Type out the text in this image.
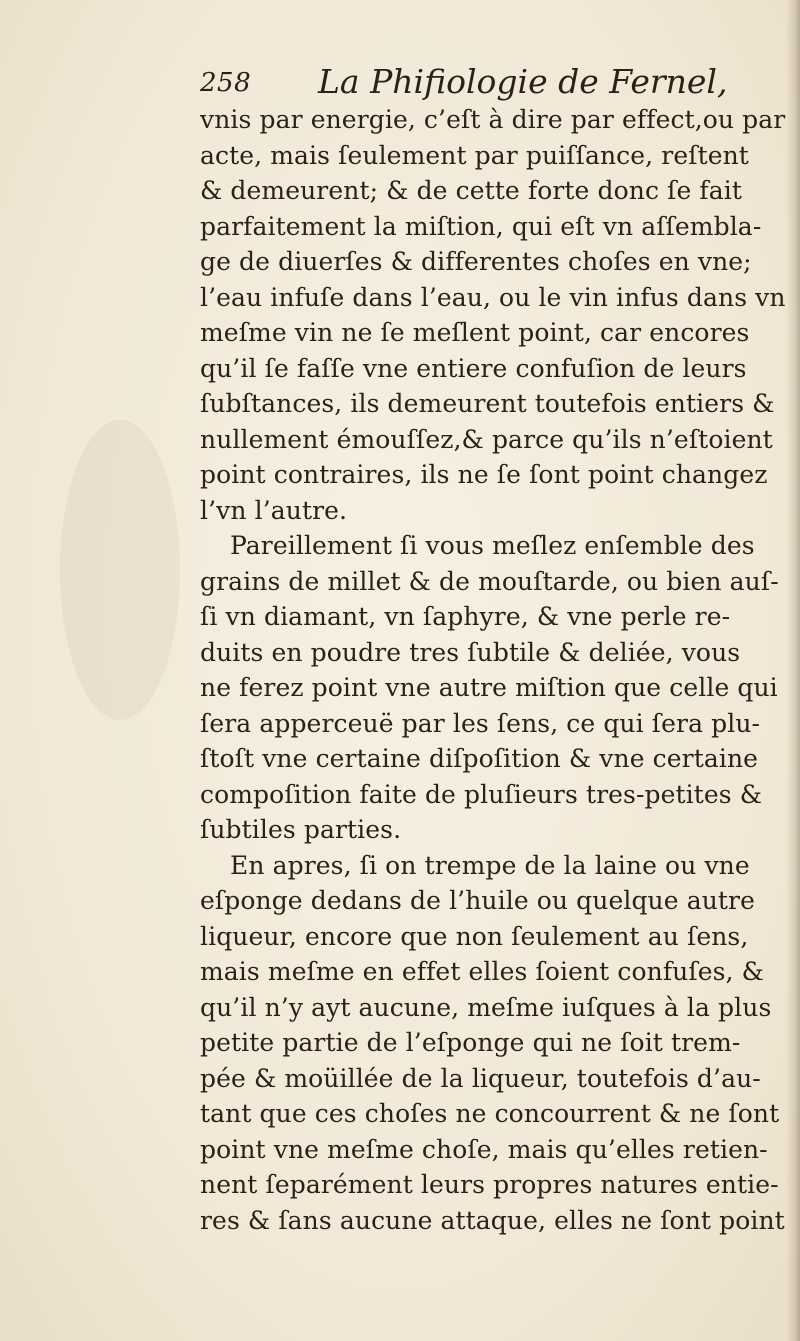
258 La Phifiologie de Fernel,
vnis par energie, c’eſt à dire par effect,ou par
acte, mais ſeulement par puiſſance, reſtent
& demeurent; & de cette forte donc ſe fait
parfaitement la miſtion, qui eſt vn aſſembla-
ge de diuerſes & differentes choſes en vne;
l’eau infuſe dans l’eau, ou le vin infus dans vn
meſme vin ne ſe meſlent point, car encores
qu’il ſe faſſe vne entiere confuſion de leurs
ſubſtances, ils demeurent toutefois entiers &
nullement émouſſez,& parce qu’ils n’eſtoient
point contraires, ils ne ſe ſont point changez
l’vn l’autre.
Pareillement ſi vous meſlez enſemble des
grains de millet & de mouſtarde, ou bien auſ-
ſi vn diamant, vn ſaphyre, & vne perle re-
duits en poudre tres ſubtile & deliée, vous
ne ferez point vne autre miſtion que celle qui
ſera apperceuë par les ſens, ce qui ſera plu-
ſtoſt vne certaine diſpoſition & vne certaine
compoſition faite de pluſieurs tres-petites &
ſubtiles parties.
En apres, ſi on trempe de la laine ou vne
eſponge dedans de l’huile ou quelque autre
liqueur, encore que non ſeulement au ſens,
mais meſme en effet elles ſoient confuſes, &
qu’il n’y ayt aucune, meſme iuſques à la plus
petite partie de l’eſponge qui ne ſoit trem-
pée & moüillée de la liqueur, toutefois d’au-
tant que ces choſes ne concourrent & ne ſont
point vne meſme choſe, mais qu’elles retien-
nent ſeparément leurs propres natures entie-
res & ſans aucune attaque, elles ne ſont point
